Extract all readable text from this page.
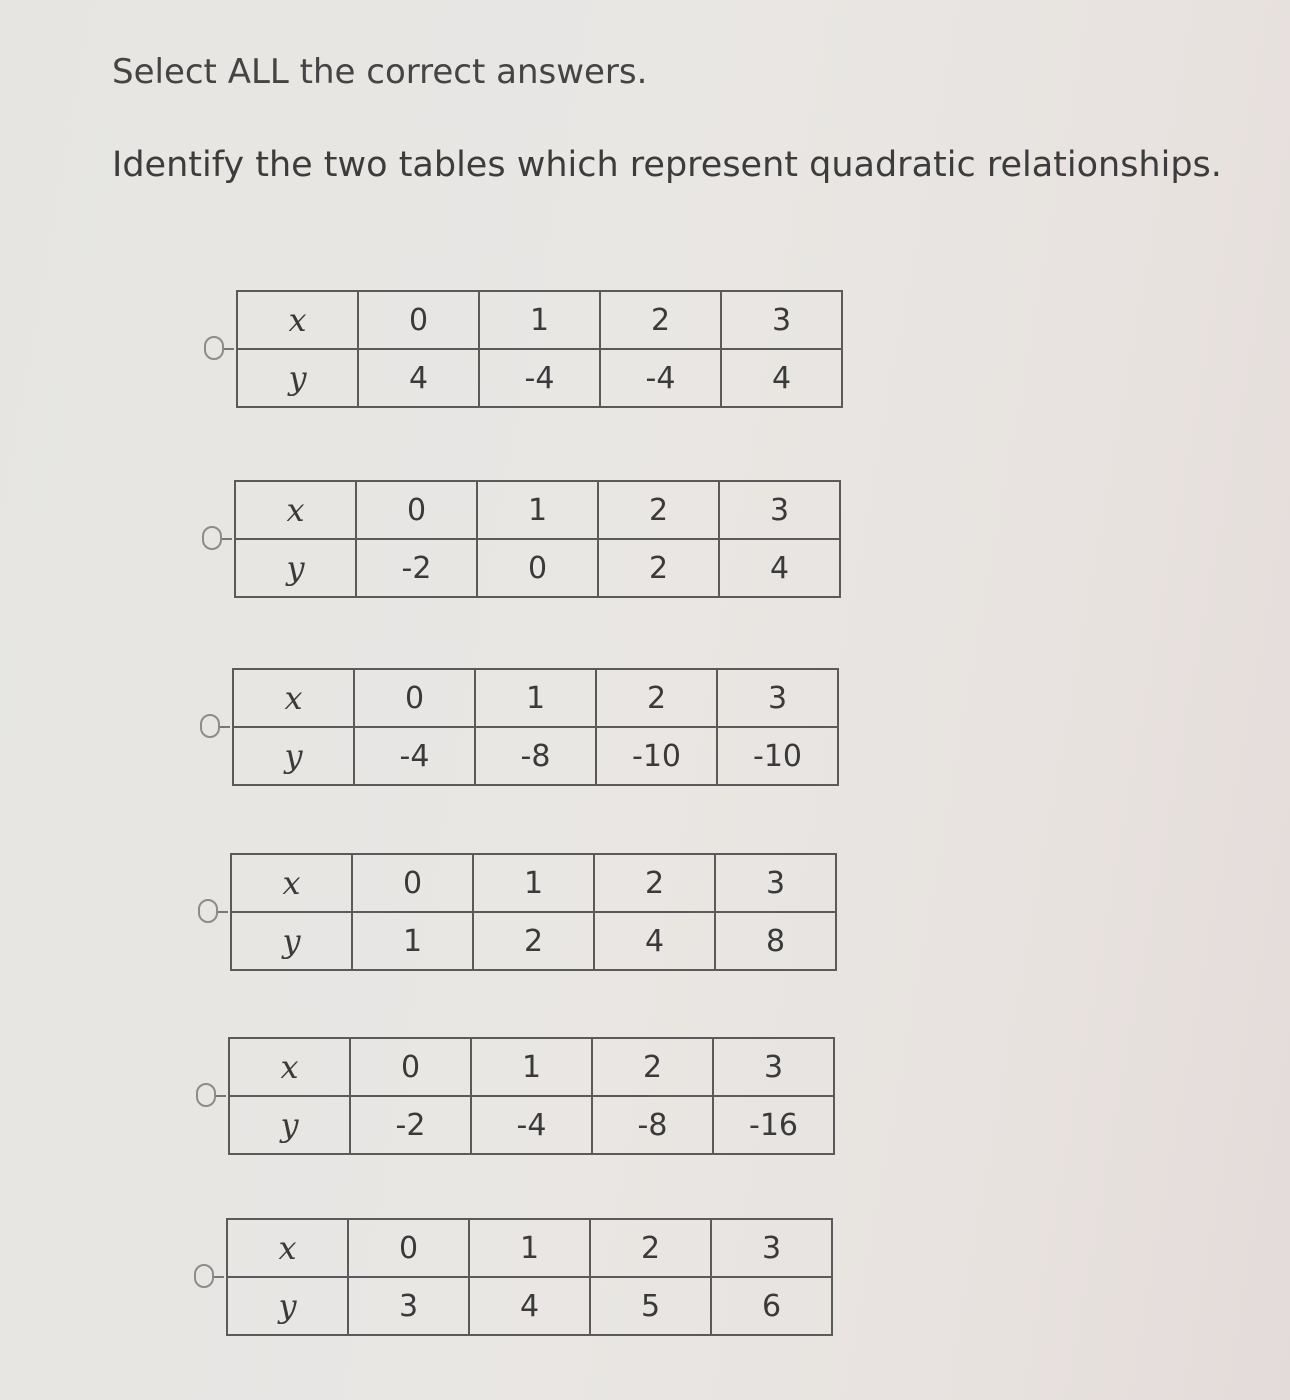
Select ALL the correct answers.
Identify the two tables which represent quadratic relationships.
x	0	1	2	3
y	4	-4	-4	4
x	0	1	2	3
y	-2	0	2	4
x	0	1	2	3
y	-4	-8	-10	-10
x	0	1	2	3
y	1	2	4	8
x	0	1	2	3
y	-2	-4	-8	-16
x	0	1	2	3
y	3	4	5	6
